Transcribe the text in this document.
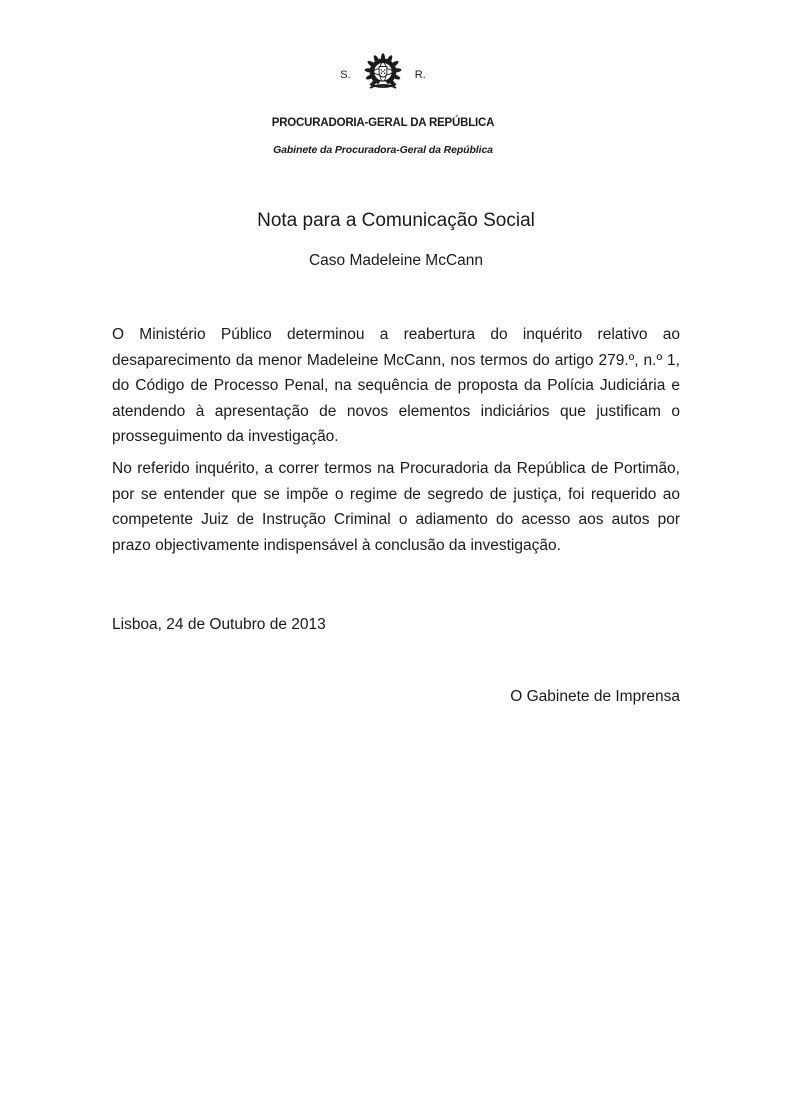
S.	R.
PROCURADORIA-GERAL DA REPÚBLICA
Gabinete da Procuradora-Geral da República
Nota para a Comunicação Social
Caso Madeleine McCann

O Ministério Público determinou a reabertura do inquérito relativo ao desaparecimento da menor Madeleine McCann, nos termos do artigo 279.º, n.º 1, do Código de Processo Penal, na sequência de proposta da Polícia Judiciária e atendendo à apresentação de novos elementos indiciários que justificam o prosseguimento da investigação.

No referido inquérito, a correr termos na Procuradoria da República de Portimão, por se entender que se impõe o regime de segredo de justiça, foi requerido ao competente Juiz de Instrução Criminal o adiamento do acesso aos autos por prazo objectivamente indispensável à conclusão da investigação.

Lisboa, 24 de Outubro de 2013
O Gabinete de Imprensa
